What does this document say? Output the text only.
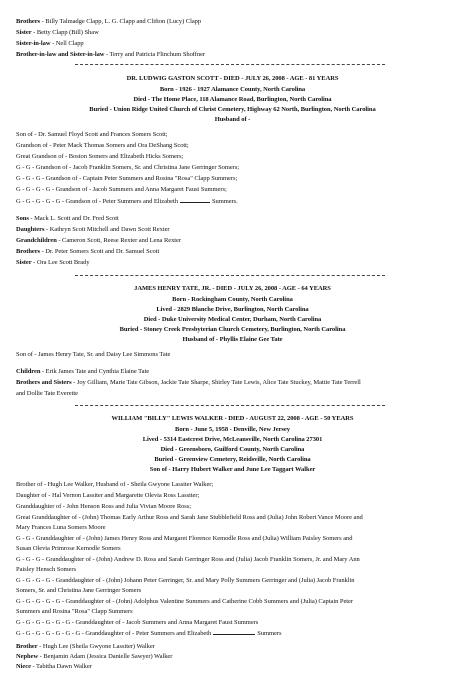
Brothers - Billy Talmadge Clapp, L. G. Clapp and Clifton (Lucy) Clapp
Sister - Betty Clapp (Bill) Shaw
Sister-in-law - Nell Clapp
Brother-in-law and Sister-in-law - Terry and Patricia Flinchum Shoffner
DR. LUDWIG GASTON SCOTT - DIED - JULY 26, 2008 - AGE - 81 YEARS
Born - 1926 - 1927 Alamance County, North Carolina
Died - The Home Place, 118 Alamance Road, Burlington, North Carolina
Buried - Union Ridge United Church of Christ Cemetery, Highway 62 North, Burlington, North Carolina
Husband of -
Son of - Dr. Samuel Floyd Scott and Frances Somers Scott;
Grandson of - Peter Mack Thomas Somers and Ora DeShang Scott;
Great Grandson of - Boston Somers and Elizabeth Hicks Somers;
G - G - Grandson of - Jacob Franklin Somers, Sr. and Christina Jane Gerringer Somers;
G - G - G - Grandson of - Captain Peter Summers and Rosina "Rosa" Clapp Summers;
G - G - G - G - Grandson of - Jacob Summers and Anna Margaret Faust Summers;
G - G - G - G - G - Grandson of - Peter Summers and Elizabeth	Summers.
Sons - Mack L. Scott and Dr. Fred Scott
Daughters - Kathryn Scott Mitchell and Dawn Scott Rexter
Grandchildren - Cameron Scott, Reese Rexter and Lena Rexter
Brothers - Dr. Peter Somers Scott and Dr. Samuel Scott
Sister - Ora Lee Scott Brady
JAMES HENRY TATE, JR. - DIED - JULY 26, 2008 - AGE - 64 YEARS
Born - Rockingham County, North Carolina
Lived - 2829 Blanche Drive, Burlington, North Carolina
Died - Duke University Medical Center, Durham, North Carolina
Buried - Stoney Creek Presbyterian Church Cemetery, Burlington, North Carolina
Husband of - Phyllis Elaine Gee Tate
Son of - James Henry Tate, Sr. and Daisy Lee Simmons Tate
Children - Erik James Tate and Cynthia Elaine Tate
Brothers and Sisters - Joy Gilliam, Marie Tate Gibson, Jackie Tate Sharpe, Shirley Tate Lewis, Alice Tate Stuckey, Mattie Tate Terrell
and Dollie Tate Everette
WILLIAM "BILLY" LEWIS WALKER - DIED - AUGUST 22, 2008 - AGE - 50 YEARS
Born - June 5, 1958 - Denville, New Jersey
Lived - 5314 Eastcrest Drive, McLeansville, North Carolina 27301
Died - Greensboro, Guilford County, North Carolina
Buried - Greenview Cemetery, Reidsville, North Carolina
Son of - Harry Hubert Walker and June Lee Taggart Walker
Brother of - Hugh Lee Walker, Husband of - Sheila Gwyone Lassiter Walker;
Daughter of - Hal Vernon Lassiter and Margarette Olevia Ross Lassiter;
Granddaughter of - John Henson Ross and Julia Vivian Moore Ross;
Great Granddaughter of - (John) Thomas Early Arthur Ross and Sarah Jane Stubblefield Ross and (Julia) John Robert Vance Moore and
Mary Frances Luna Somers Moore
G - G - Granddaughter of - (John) James Henry Ross and Margaret Florence Kemodle Ross and (Julia) William Paisley Somers and
Susan Olevia Primrose Kernodle Somers
G - G - G - Granddaughter of - (John) Andrew D. Ross and Sarah Gerringer Ross and (Julia) Jacob Franklin Somers, Jr. and Mary Ann
Paisley Hensch Somers
G - G - G - G - Granddaughter of - (John) Johann Peter Gerringer, Sr. and Mary Polly Summers Gerringer and (Julia) Jacob Franklin
Somers, Sr. and Christina Jane Gerringer Somers
G - G - G - G - G - Granddaughter of - (John) Adolphus Valentine Summers and Catherine Cobb Summers and (Julia) Captain Peter
Summers and Rosina "Rosa" Clapp Summers
G - G - G - G - G - G - Granddaughter of - Jacob Summers and Anna Margaret Faust Summers
G - G - G - G - G - G - G - Granddaughter of - Peter Summers and Elizabeth	Summers
Brother - Hugh Lee (Sheila Gwyone Lassiter) Walker
Nephew - Benjamin Adam (Jessica Danielle Sawyer) Walker
Niece - Tabitha Dawn Walker
